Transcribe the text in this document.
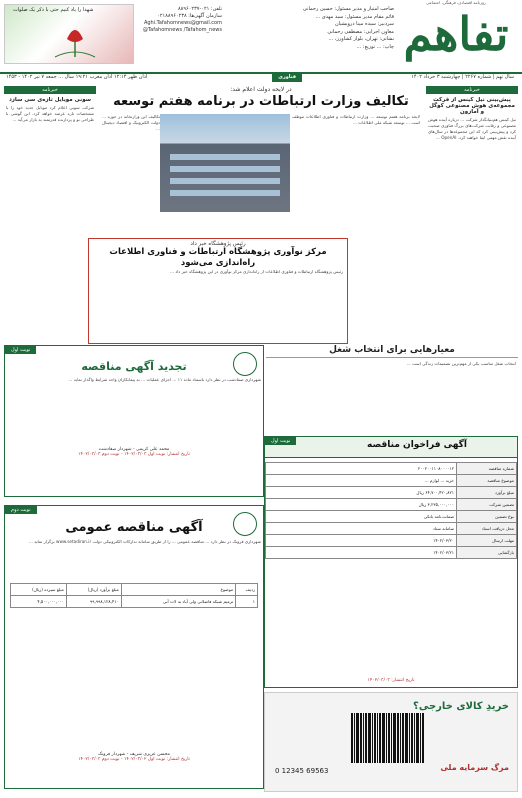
روزنامه اقتصادی، فرهنگی، اجتماعی
تفاهم
صاحب امتیاز و مدیر مسئول: حسین رحمانی
قائم مقام مدیر مسئول: سید مهدی ...
سردبیر: سیده مینا درویشیان
معاون اجرایی: مصطفی رحمانی
نشانی: تهران، بلوار کشاورز، ...
چاپ: ... توزیع: ...
تلفن: ۰۲۱-۸۸۹۶۰۲۳۷
سازمان آگهی‌ها: ۰۲۱۸۸۹۶۰۲۳۸
Aghi.Tafahomnews@gmail.com
@Tafahomnews /Tafahom_news
شهدا را یاد کنیم حتی با ذکر یک صلوات
اذان ظهر ۱۲:۱۴ اذان مغرب ۱۹:۲۱ سال ... جمعه ۷ تیر ۱۴۰۲ - ۱۴۵۳	فناوری	سال نهم | شماره ۲۲۶۷ | چهارشنبه ۳ خرداد ۱۴۰۲
خبرنامه
پیش‌بینی نیل کینس از فرکت مجموعه‌ی هوش مصنوعی کوگل و آمازون
نیل کینس هم‌بنیانگذار شرکت ... درباره آینده هوش مصنوعی و رقابت شرکت‌های بزرگ فناوری صحبت کرد و پیش‌بینی کرد که این مجموعه‌ها در سال‌های آینده نقش مهمی ایفا خواهند کرد. OpenAI ...
خبرنامه
سونی موبایل تازه‌ی سی سازد
شرکت سونی اعلام کرد موبایل جدید خود را با مشخصات تازه عرضه خواهد کرد. این گوشی با طراحی نو و پردازنده قدرتمند به بازار می‌آید ...
در لایحه دولت اعلام شد:
تکالیف وزارت ارتباطات در برنامه هفتم توسعه
لایحه برنامه هفتم توسعه ... وزارت ارتباطات و فناوری اطلاعات موظف است ... توسعه شبکه ملی اطلاعات ...
تکالیف این وزارتخانه در حوزه ... دولت الکترونیک و اقتصاد دیجیتال ...
رئیس پژوهشگاه خبر داد
مرکز نوآوری پژوهشگاه ارتباطات و فناوری اطلاعات راه‌اندازی می‌شود
رئیس پژوهشگاه ارتباطات و فناوری اطلاعات از راه‌اندازی مرکز نوآوری در این پژوهشگاه خبر داد ...
نوبت اول
تجدید آگهی مناقصه
شهرداری صفادشت در نظر دارد باستناد ماده ۱۱ ... اجرای عملیات ... به پیمانکاران واجد شرایط واگذار نماید ...
محمد علی کریمی - شهردار صفادشت
تاریخ انتشار: نوبت اول ۱۴۰۲/۰۳/۰۳ - نوبت دوم ۱۴۰۲/۰۳/۰۳
نوبت دوم
آگهی مناقصه عمومی
شهرداری فرونک در نظر دارد ... مناقصه عمومی ... را از طریق سامانه تدارکات الکترونیکی دولت www.setadiran.ir برگزار نماید ...
ردیف	موضوع	مبلغ برآورد (ریال)	مبلغ سپرده (ریال)
۱	ترمیم شبکه فاضلابی ولی آباد به لات آبی	۹۹,۹۹۸,۱۲۸,۴۱۰	۴,۵۰۰,۰۰۰,۰۰۰
محسن عزیزی شریف - شهردار فرونک
تاریخ انتشار: نوبت اول ۱۴۰۲/۰۳/۰۲ - نوبت دوم ۱۴۰۲/۰۳/۰۳
معیارهایی برای انتخاب شغل
انتخاب شغل مناسب یکی از مهم‌ترین تصمیمات زندگی است ...
نوبت اول	آگهی فراخوان مناقصه
شماره مناقصه	۲۰۰۲۰۰۱۱۰۸۰۰۰۰۱۲
موضوع مناقصه	خرید ... لوازم ...
مبلغ برآورد	۶۴,۷۰۰,۴۲۰,۸۲۱ ریال
تضمین شرکت	۳,۲۳۵,۰۰۰,۰۰۰ ریال
نوع تضمین	ضمانت‌نامه بانکی
محل دریافت اسناد	سامانه ستاد
مهلت ارسال	۱۴۰۲/۰۳/۲۰
بازگشایی	۱۴۰۲/۰۳/۲۱
تاریخ انتشار: ۱۴۰۲/۰۳/۰۳
خریدِ کالای خارجی؟
مرگ سرمایه ملی
0 12345 69563
